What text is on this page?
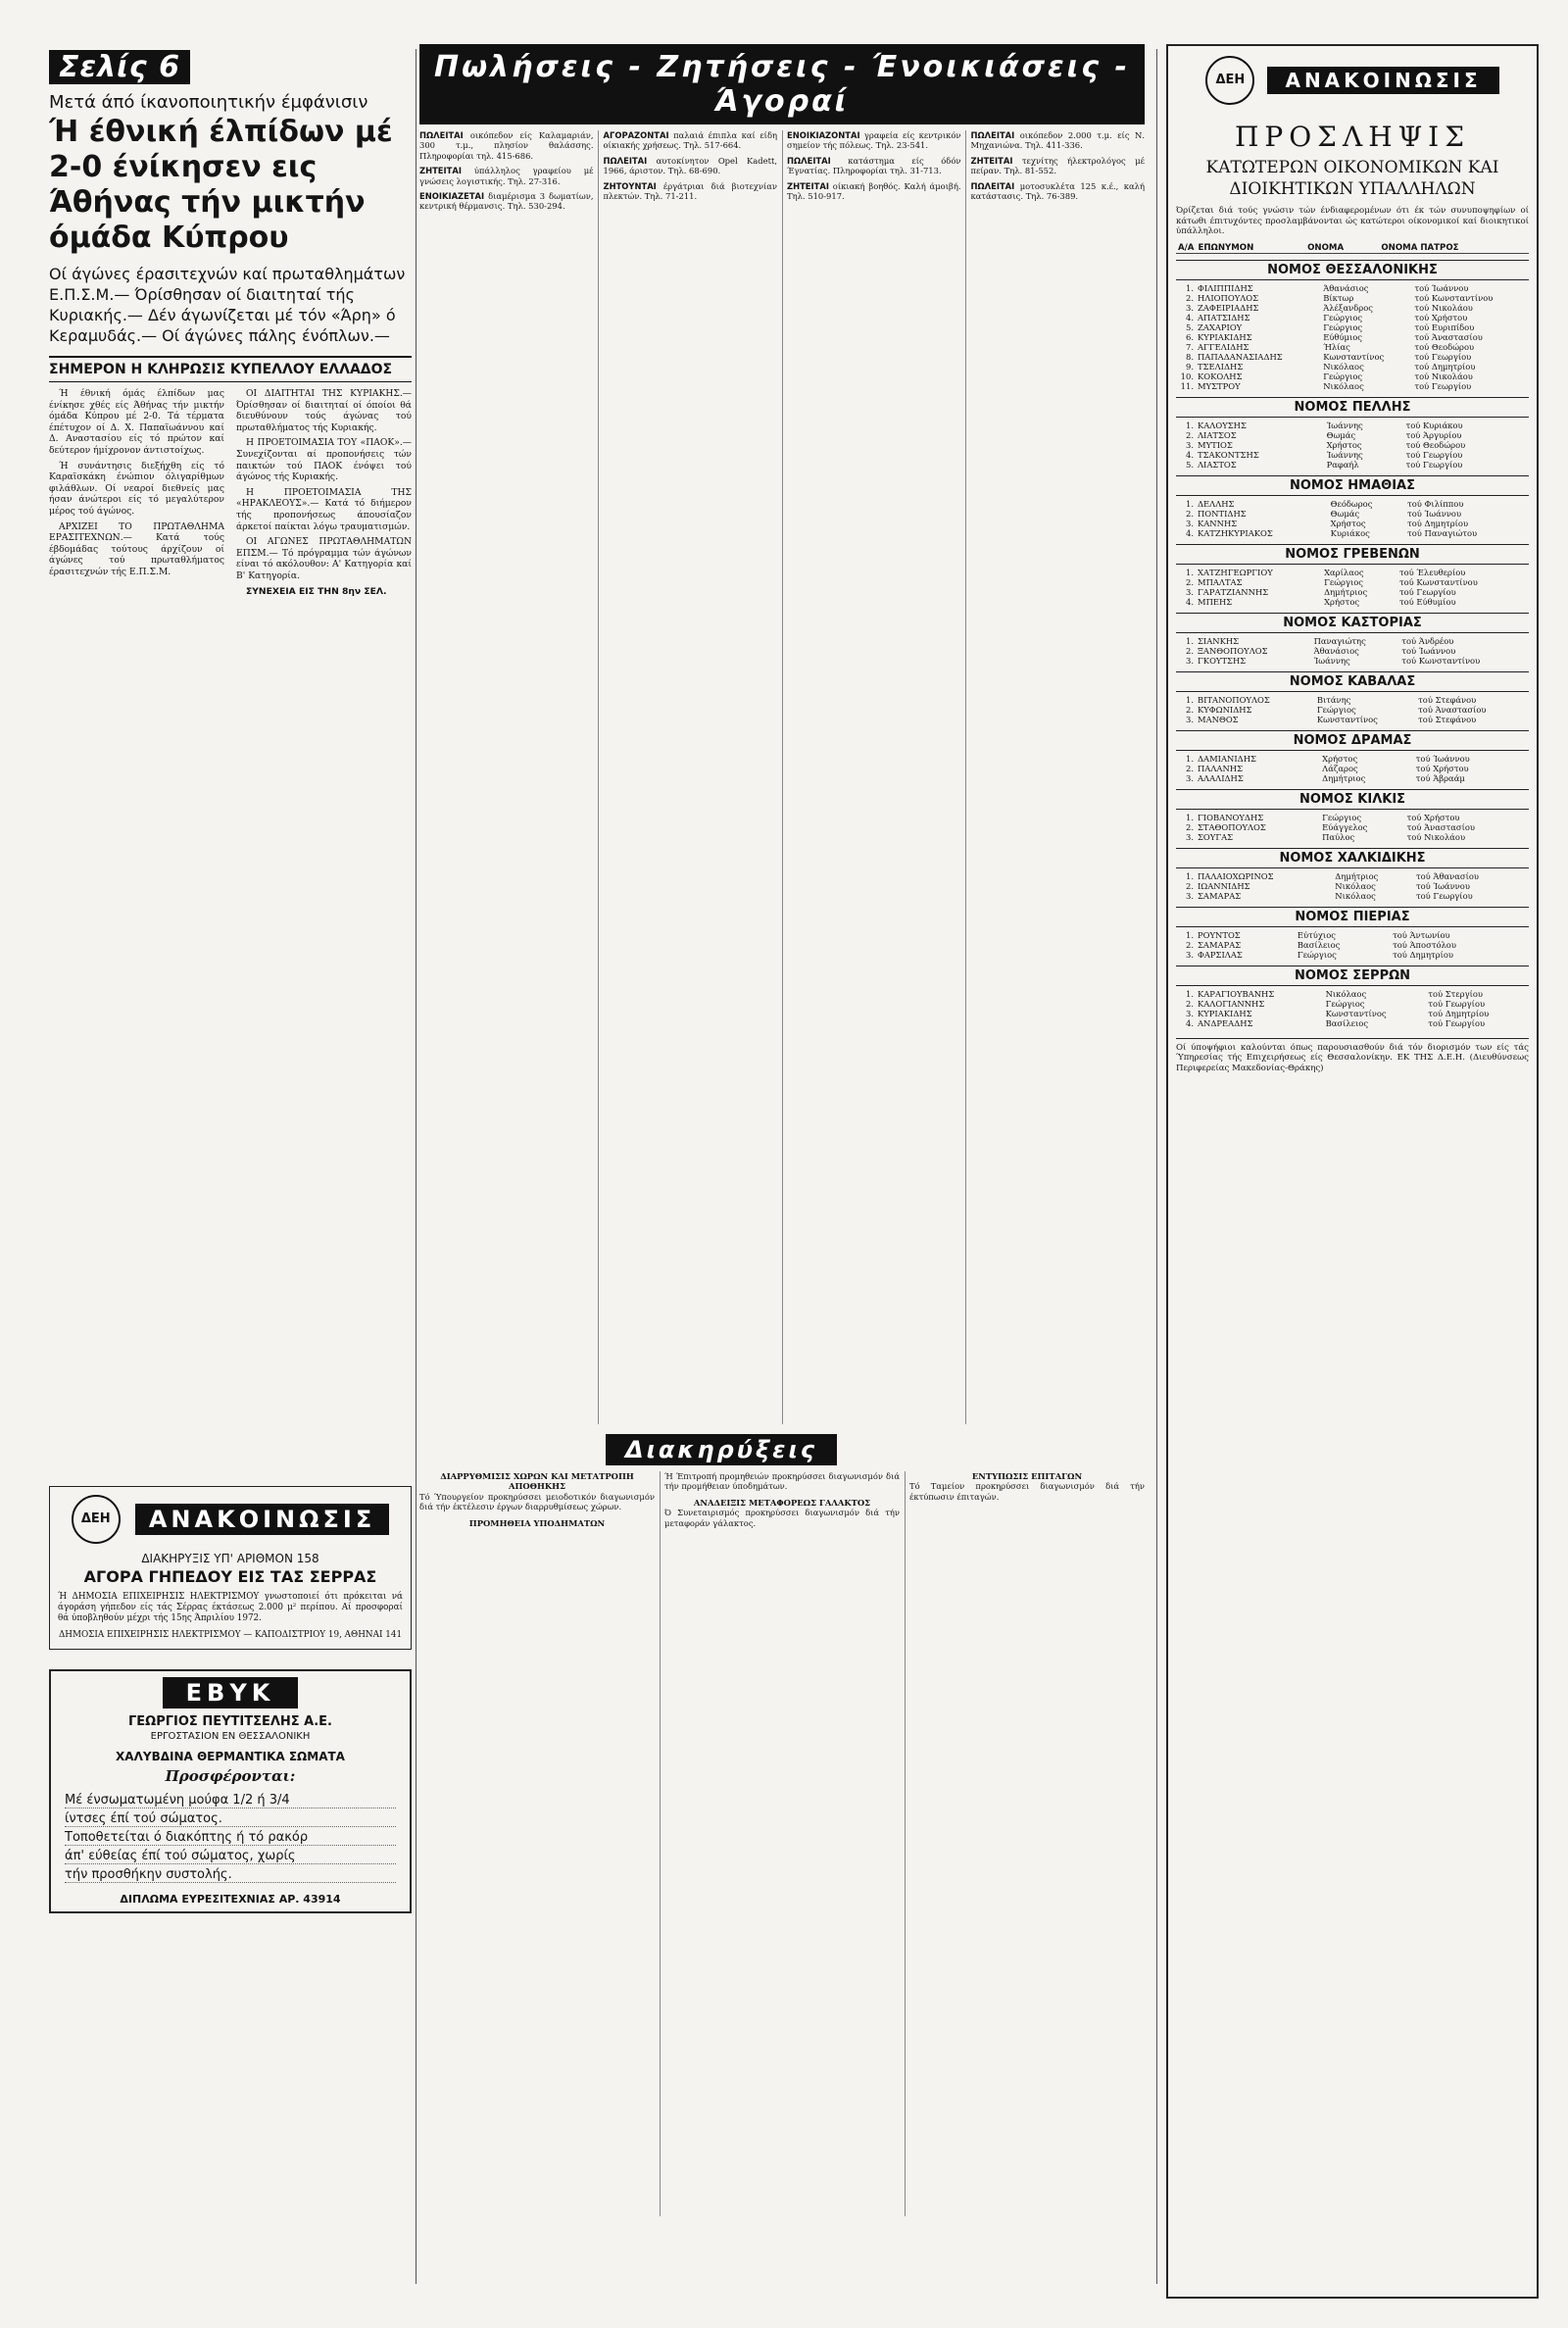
Σελίς 6
Μετά άπό ίκανοποιητικήν έμφάνισιν
Ή έθνική έλπίδων μέ 2-0 ένίκησεν εις Άθήνας τήν μικτήν όμάδα Κύπρου
Οί άγώνες έρασιτεχνών καί πρωταθλημάτων Ε.Π.Σ.Μ.— Όρίσθησαν οί διαιτηταί τής Κυριακής.— Δέν άγωνίζεται μέ τόν «Άρη» ό Κεραμυδάς.— Οί άγώνες πάλης ένόπλων.—
ΣΗΜΕΡΟΝ Η ΚΛΗΡΩΣΙΣ ΚΥΠΕΛΛΟΥ ΕΛΛΑΔΟΣ

Ή έθνική όμάς έλπίδων μας ένίκησε χθές είς Άθήνας τήν μικτήν όμάδα Κύπρου μέ 2-0. Τά τέρματα έπέτυχον οί Δ. Χ. Παπαϊωάννου καί Δ. Αναστασίου είς τό πρώτον καί δεύτερον ήμίχρονον άντιστοίχως.

Ή συνάντησις διεξήχθη είς τό Καραϊσκάκη ένώπιον όλιγαρίθμων φιλάθλων. Οί νεαροί διεθνείς μας ήσαν άνώτεροι είς τό μεγαλύτερον μέρος τού άγώνος.

ΑΡΧΙΖΕΙ ΤΟ ΠΡΩΤΑΘΛΗΜΑ ΕΡΑΣΙΤΕΧΝΩΝ.— Κατά τούς έβδομάδας τούτους άρχίζουν οί άγώνες τού πρωταθλήματος έρασιτεχνών τής Ε.Π.Σ.Μ.

ΟΙ ΔΙΑΙΤΗΤΑΙ ΤΗΣ ΚΥΡΙΑΚΗΣ.— Όρίσθησαν οί διαιτηταί οί όποίοι θά διευθύνουν τούς άγώνας τού πρωταθλήματος τής Κυριακής.

Η ΠΡΟΕΤΟΙΜΑΣΙΑ ΤΟΥ «ΠΑΟΚ».— Συνεχίζονται αί προπονήσεις τών παικτών τού ΠΑΟΚ ένόψει τού άγώνος τής Κυριακής.

Η ΠΡΟΕΤΟΙΜΑΣΙΑ ΤΗΣ «ΗΡΑΚΛΕΟΥΣ».— Κατά τό διήμερον τής προπονήσεως άπουσίαζον άρκετοί παίκται λόγω τραυματισμών.

ΟΙ ΑΓΩΝΕΣ ΠΡΩΤΑΘΛΗΜΑΤΩΝ ΕΠΣΜ.— Τό πρόγραμμα τών άγώνων είναι τό ακόλουθον: Α' Κατηγορία καί Β' Κατηγορία.

ΣΥΝΕΧΕΙΑ ΕΙΣ ΤΗΝ 8ην ΣΕΛ.

ΔΕΗ ΑΝΑΚΟΙΝΩΣΙΣ
ΔΙΑΚΗΡΥΞΙΣ ΥΠ' ΑΡΙΘΜΟΝ 158
ΑΓΟΡΑ ΓΗΠΕΔΟΥ ΕΙΣ ΤΑΣ ΣΕΡΡΑΣ
Ή ΔΗΜΟΣΙΑ ΕΠΙΧΕΙΡΗΣΙΣ ΗΛΕΚΤΡΙΣΜΟΥ γνωστοποιεί ότι πρόκειται νά άγοράση γήπεδον είς τάς Σέρρας έκτάσεως 2.000 μ² περίπου. Αί προσφοραί θά ύποβληθούν μέχρι τής 15ης Άπριλίου 1972.
ΔΗΜΟΣΙΑ ΕΠΙΧΕΙΡΗΣΙΣ ΗΛΕΚΤΡΙΣΜΟΥ — ΚΑΠΟΔΙΣΤΡΙΟΥ 19, ΑΘΗΝΑΙ 141
ΕΒΥΚ
ΓΕΩΡΓΙΟΣ ΠΕΥΤΙΤΣΕΛΗΣ Α.Ε.
ΕΡΓΟΣΤΑΣΙΟΝ ΕΝ ΘΕΣΣΑΛΟΝΙΚΗ
ΧΑΛΥΒΔΙΝΑ ΘΕΡΜΑΝΤΙΚΑ ΣΩΜΑΤΑ
Προσφέρονται:
Μέ ένσωματωμένη μούφα 1/2 ή 3/4
ίντσες έπί τού σώματος.
Τοποθετείται ό διακόπτης ή τό ρακόρ
άπ' εύθείας έπί τού σώματος, χωρίς
τήν προσθήκην συστολής.
ΔΙΠΛΩΜΑ ΕΥΡΕΣΙΤΕΧΝΙΑΣ ΑΡ. 43914
Πωλήσεις - Ζητήσεις - Ένοικιάσεις - Άγοραί

ΠΩΛΕΙΤΑΙ οικόπεδον είς Καλαμαριάν, 300 τ.μ., πλησίον θαλάσσης. Πληροφορίαι τηλ. 415-686.

ΖΗΤΕΙΤΑΙ ύπάλληλος γραφείου μέ γνώσεις λογιστικής. Τηλ. 27-316.

ΕΝΟΙΚΙΑΖΕΤΑΙ διαμέρισμα 3 δωματίων, κεντρική θέρμανσις. Τηλ. 530-294.

ΑΓΟΡΑΖΟΝΤΑΙ παλαιά έπιπλα καί είδη οίκιακής χρήσεως. Τηλ. 517-664.

ΠΩΛΕΙΤΑΙ αυτοκίνητον Opel Kadett, 1966, άριστον. Τηλ. 68-690.

ΖΗΤΟΥΝΤΑΙ έργάτριαι διά βιοτεχνίαν πλεκτών. Τηλ. 71-211.

ΕΝΟΙΚΙΑΖΟΝΤΑΙ γραφεία είς κεντρικόν σημείον τής πόλεως. Τηλ. 23-541.

ΠΩΛΕΙΤΑΙ κατάστημα είς όδόν Έγνατίας. Πληροφορίαι τηλ. 31-713.

ΖΗΤΕΙΤΑΙ οίκιακή βοηθός. Καλή άμοιβή. Τηλ. 510-917.

ΠΩΛΕΙΤΑΙ οικόπεδον 2.000 τ.μ. είς Ν. Μηχανιώνα. Τηλ. 411-336.

ΖΗΤΕΙΤΑΙ τεχνίτης ήλεκτρολόγος μέ πείραν. Τηλ. 81-552.

ΠΩΛΕΙΤΑΙ μοτοσυκλέτα 125 κ.έ., καλή κατάστασις. Τηλ. 76-389.

Διακηρύξεις

ΔΙΑΡΡΥΘΜΙΣΙΣ ΧΩΡΩΝ ΚΑΙ ΜΕΤΑΤΡΟΠΗ ΑΠΟΘΗΚΗΣ
Τό Ύπουργείον προκηρύσσει μειοδοτικόν διαγωνισμόν διά τήν έκτέλεσιν έργων διαρρυθμίσεως χώρων.

ΠΡΟΜΗΘΕΙΑ ΥΠΟΔΗΜΑΤΩΝ
Ή Έπιτροπή προμηθειών προκηρύσσει διαγωνισμόν διά τήν προμήθειαν ύποδημάτων.

ΑΝΑΔΕΙΞΙΣ ΜΕΤΑΦΟΡΕΩΣ ΓΑΛΑΚΤΟΣ
Ό Συνεταιρισμός προκηρύσσει διαγωνισμόν διά τήν μεταφοράν γάλακτος.

ΕΝΤΥΠΩΣΙΣ ΕΠΙΤΑΓΩΝ
Τό Ταμείον προκηρύσσει διαγωνισμόν διά τήν έκτύπωσιν έπιταγών.

ΔΕΗ ΑΝΑΚΟΙΝΩΣΙΣ
ΠΡΟΣΛΗΨΙΣ
ΚΑΤΩΤΕΡΩΝ ΟΙΚΟΝΟΜΙΚΩΝ ΚΑΙ ΔΙΟΙΚΗΤΙΚΩΝ ΥΠΑΛΛΗΛΩΝ
Όρίζεται διά τούς γνώσιν τών ένδιαφερομένων ότι έκ τών συνυποψηφίων οί κάτωθι έπιτυχόντες προσλαμβάνονται ώς κατώτεροι οίκονομικοί καί διοικητικοί ύπάλληλοι.
Α/Α	ΕΠΩΝΥΜΟΝ	ΟΝΟΜΑ	ΟΝΟΜΑ ΠΑΤΡΟΣ
ΝΟΜΟΣ ΘΕΣΣΑΛΟΝΙΚΗΣ
1.	ΦΙΛΙΠΠΙΔΗΣ	Άθανάσιος	τού Ίωάννου
2.	ΗΛΙΟΠΟΥΛΟΣ	Βίκτωρ	τού Κωνσταντίνου
3.	ΖΑΦΕΙΡΙΑΔΗΣ	Άλέξανδρος	τού Νικολάου
4.	ΑΠΑΤΣΙΔΗΣ	Γεώργιος	τού Χρήστου
5.	ΖΑΧΑΡΙΟΥ	Γεώργιος	τού Ευριπίδου
6.	ΚΥΡΙΑΚΙΔΗΣ	Εύθύμιος	τού Άναστασίου
7.	ΑΓΓΕΛΙΔΗΣ	Ήλίας	τού Θεοδώρου
8.	ΠΑΠΑΔΑΝΑΣΙΑΔΗΣ	Κωνσταντίνος	τού Γεωργίου
9.	ΤΣΕΛΙΔΗΣ	Νικόλαος	τού Δημητρίου
10.	ΚΟΚΟΛΗΣ	Γεώργιος	τού Νικολάου
11.	ΜΥΣΤΡΟΥ	Νικόλαος	τού Γεωργίου
ΝΟΜΟΣ ΠΕΛΛΗΣ
1.	ΚΑΛΟΥΣΗΣ	Ίωάννης	τού Κυριάκου
2.	ΛΙΑΤΣΟΣ	Θωμάς	τού Άργυρίου
3.	ΜΥΤΙΟΣ	Χρήστος	τού Θεοδώρου
4.	ΤΣΑΚΟΝΤΣΗΣ	Ίωάννης	τού Γεωργίου
5.	ΛΙΑΣΤΟΣ	Ραφαήλ	τού Γεωργίου
ΝΟΜΟΣ ΗΜΑΘΙΑΣ
1.	ΔΕΛΛΗΣ	Θεόδωρος	τού Φιλίππου
2.	ΠΟΝΤΙΔΗΣ	Θωμάς	τού Ίωάννου
3.	ΚΑΝΝΗΣ	Χρήστος	τού Δημητρίου
4.	ΚΑΤΖΗΚΥΡΙΑΚΟΣ	Κυριάκος	τού Παναγιώτου
ΝΟΜΟΣ ΓΡΕΒΕΝΩΝ
1.	ΧΑΤΖΗΓΕΩΡΓΙΟΥ	Χαρίλαος	τού Έλευθερίου
2.	ΜΠΑΛΤΑΣ	Γεώργιος	τού Κωνσταντίνου
3.	ΓΑΡΑΤΖΙΑΝΝΗΣ	Δημήτριος	τού Γεωργίου
4.	ΜΠΕΗΣ	Χρήστος	τού Εύθυμίου
ΝΟΜΟΣ ΚΑΣΤΟΡΙΑΣ
1.	ΣΙΑΝΚΗΣ	Παναγιώτης	τού Άνδρέου
2.	ΞΑΝΘΟΠΟΥΛΟΣ	Άθανάσιος	τού Ίωάννου
3.	ΓΚΟΥΤΣΗΣ	Ίωάννης	τού Κωνσταντίνου
ΝΟΜΟΣ ΚΑΒΑΛΑΣ
1.	ΒΙΤΑΝΟΠΟΥΛΟΣ	Βιτάνης	τού Στεφάνου
2.	ΚΥΦΩΝΙΔΗΣ	Γεώργιος	τού Άναστασίου
3.	ΜΑΝΘΟΣ	Κωνσταντίνος	τού Στεφάνου
ΝΟΜΟΣ ΔΡΑΜΑΣ
1.	ΔΑΜΙΑΝΙΔΗΣ	Χρήστος	τού Ίωάννου
2.	ΠΑΛΑΝΗΣ	Λάζαρος	τού Χρήστου
3.	ΑΛΑΛΙΔΗΣ	Δημήτριος	τού Άβραάμ
ΝΟΜΟΣ ΚΙΛΚΙΣ
1.	ΓΙΟΒΑΝΟΥΔΗΣ	Γεώργιος	τού Χρήστου
2.	ΣΤΑΘΟΠΟΥΛΟΣ	Εύάγγελος	τού Άναστασίου
3.	ΣΟΥΓΑΣ	Παύλος	τού Νικολάου
ΝΟΜΟΣ ΧΑΛΚΙΔΙΚΗΣ
1.	ΠΑΛΑΙΟΧΩΡΙΝΟΣ	Δημήτριος	τού Άθανασίου
2.	ΙΩΑΝΝΙΔΗΣ	Νικόλαος	τού Ίωάννου
3.	ΣΑΜΑΡΑΣ	Νικόλαος	τού Γεωργίου
ΝΟΜΟΣ ΠΙΕΡΙΑΣ
1.	ΡΟΥΝΤΟΣ	Εύτύχιος	τού Άντωνίου
2.	ΣΑΜΑΡΑΣ	Βασίλειος	τού Άποστόλου
3.	ΦΑΡΣΙΛΑΣ	Γεώργιος	τού Δημητρίου
ΝΟΜΟΣ ΣΕΡΡΩΝ
1.	ΚΑΡΑΓΙΟΥΒΑΝΗΣ	Νικόλαος	τού Στεργίου
2.	ΚΑΛΟΓΙΑΝΝΗΣ	Γεώργιος	τού Γεωργίου
3.	ΚΥΡΙΑΚΙΔΗΣ	Κωνσταντίνος	τού Δημητρίου
4.	ΑΝΔΡΕΑΔΗΣ	Βασίλειος	τού Γεωργίου
Οί ύποψήφιοι καλούνται όπως παρουσιασθούν διά τόν διορισμόν των είς τάς Ύπηρεσίας τής Επιχειρήσεως είς Θεσσαλονίκην. ΕΚ ΤΗΣ Δ.Ε.Η. (Διευθύνσεως Περιφερείας Μακεδονίας-Θράκης)
